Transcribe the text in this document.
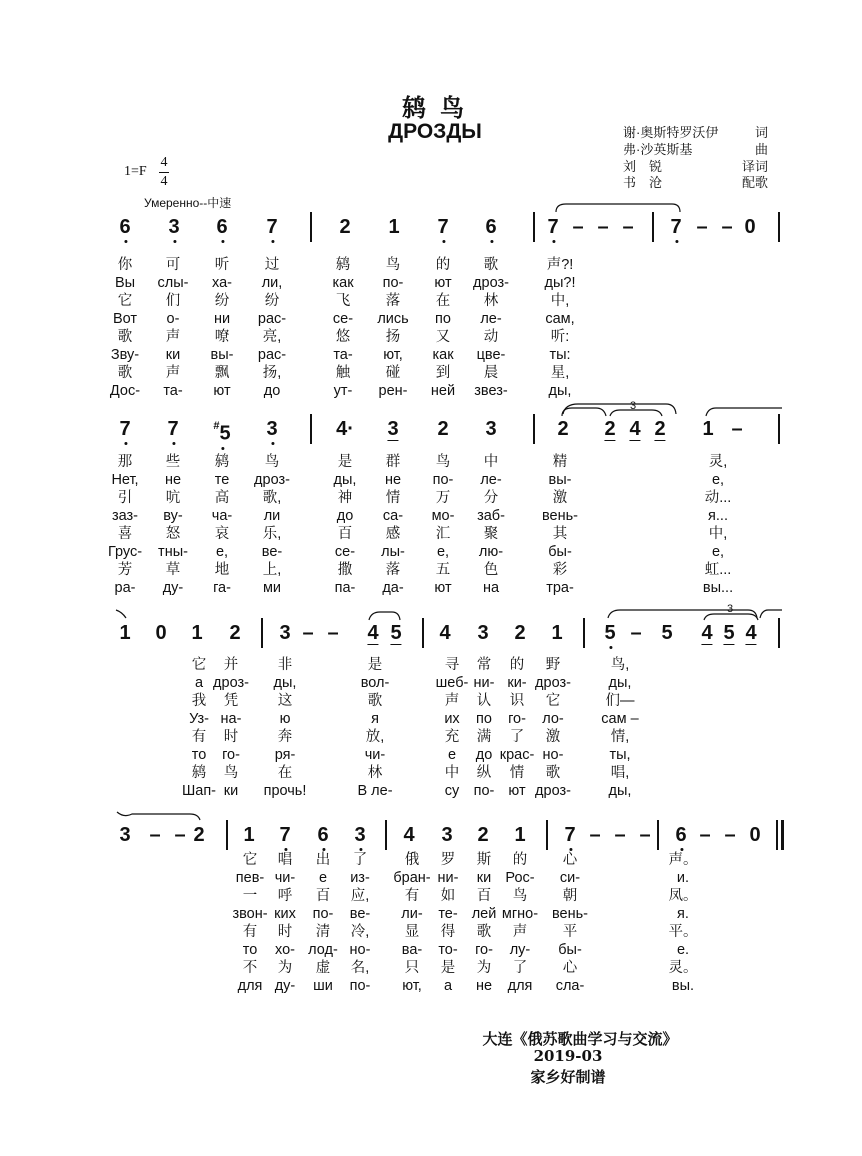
鸫鸟
ДРОЗДЫ	谢·奥斯特罗沃伊	词
弗·沙英斯基	曲
刘　锐	译词
书　沧	配歌
1=F
4
4
Умеренно--中速
6 3 6 7	2 1 7 6	7 – – – 7 – – 0
你 可 听 过	鸫 鸟 的 歌	声?!
Вы слы- ха- ли,	как по- ют дроз- ды?!
它 们 纷 纷	飞 落 在 林	中,
Вот о- ни рас-	се- лись по ле-	сам,
歌 声 嘹 亮,	悠 扬 又 动	听:
Зву- ки вы- рас-	та- ют, как цве-	ты:
歌 声 飘 扬,	触 碰 到 晨	星,
Дос- та- ют до	ут- рен- ней звез-	ды,
7 7	#5 3	4· 3 2 3	2 2 4 2 1 –
那 些 鸫 鸟	是 群 鸟 中	精	灵,
Нет, не те дроз-	ды, не по- ле-	вы-	е,
引 吭 高 歌,	神 情 万 分	激	动...
заз- ву- ча- ли	до са- мо- заб-	вень-	я...
喜 怒 哀 乐,	百 感 汇 聚	其	中,
Грус- тны- е, ве-	се- лы- е, лю-	бы-	е,
芳 草 地 上,	撒 落 五 色	彩	虹...
ра- ду- га- ми	па- да- ют на	тра-	вы...
1 0 1 2 3 – – 4 5 4 3 2 1 5 – 5 4 5 4
它 并	非	是	寻 常 的 野	鸟,
а дроз- ды,	вол-	шеб- ни- ки- дроз-	ды,
我 凭	这	歌	声 认 识 它	们—
Уз- на-	ю	я	их по го- ло-	сам –
有 时	奔	放,	充 满 了 激	情,
то го- ря-	чи-	е до крас- но-	ты,
鸫 鸟	在	林	中 纵 情 歌	唱,
Шап- ки прочь!	В ле-	су по- ют дроз-	ды,
3 – – 2 1 7 6 3 4 3 2 1 7 – – – 6 – – 0
它 唱 出 了	俄 罗 斯 的 心	声。
пев- чи- е из- бран- ни- ки Рос- си-	и.
一 呼 百 应, 有 如 百 鸟 朝	凤。
звон- ких по- ве- ли- те- лей мгно- вень-	я.
有 时 清 冷, 显 得 歌 声 平	平。
то хо- лод- но- ва- то- го- лу- бы-	е.
不 为 虚 名, 只 是 为 了 心	灵。
для ду- ши по- ют, а не для сла-	вы.
3
3
大连《俄苏歌曲学习与交流》
2019-03
家乡好制谱
